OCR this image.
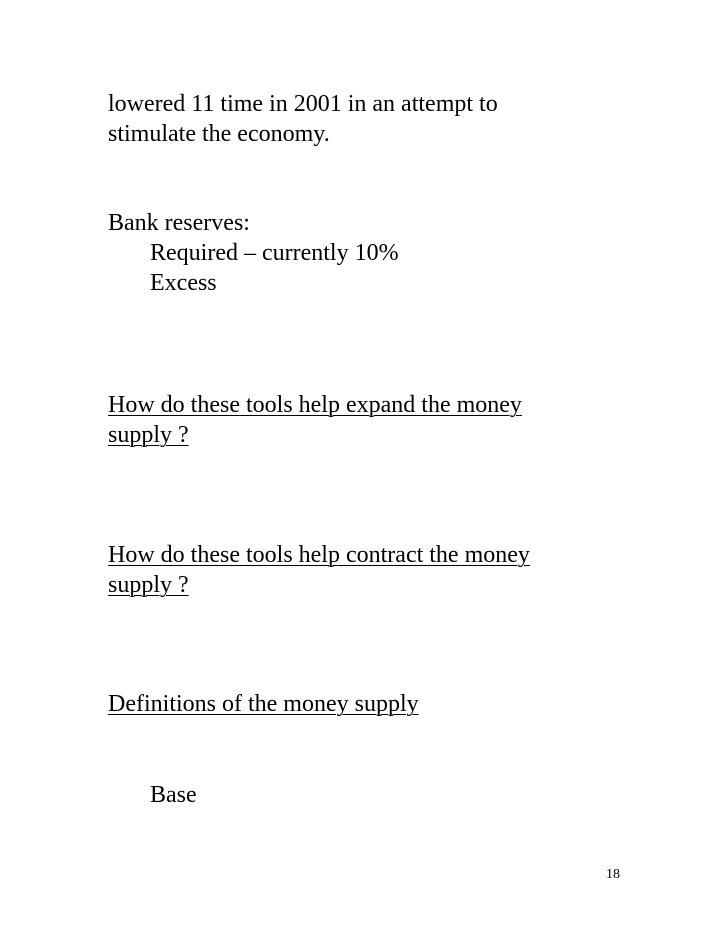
lowered 11 time in 2001 in an attempt to

stimulate the economy.

Bank reserves:

Required – currently 10%

Excess

How do these tools help expand the money

supply ?

How do these tools help contract the money

supply ?

Definitions of the money supply

Base

18
